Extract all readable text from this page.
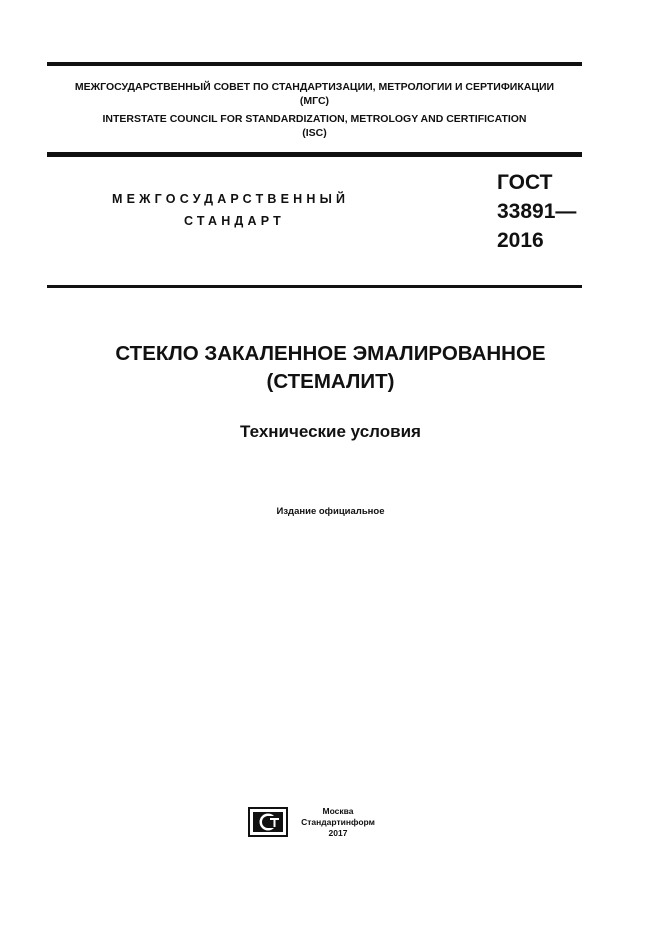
МЕЖГОСУДАРСТВЕННЫЙ СОВЕТ ПО СТАНДАРТИЗАЦИИ, МЕТРОЛОГИИ И СЕРТИФИКАЦИИ
(МГС)
INTERSTATE COUNCIL FOR STANDARDIZATION, METROLOGY AND CERTIFICATION
(ISC)
МЕЖГОСУДАРСТВЕННЫЙ
СТАНДАРТ
ГОСТ
33891—
2016
СТЕКЛО ЗАКАЛЕННОЕ ЭМАЛИРОВАННОЕ
(СТЕМАЛИТ)
Технические условия
Издание официальное
Москва
Стандартинформ
2017
